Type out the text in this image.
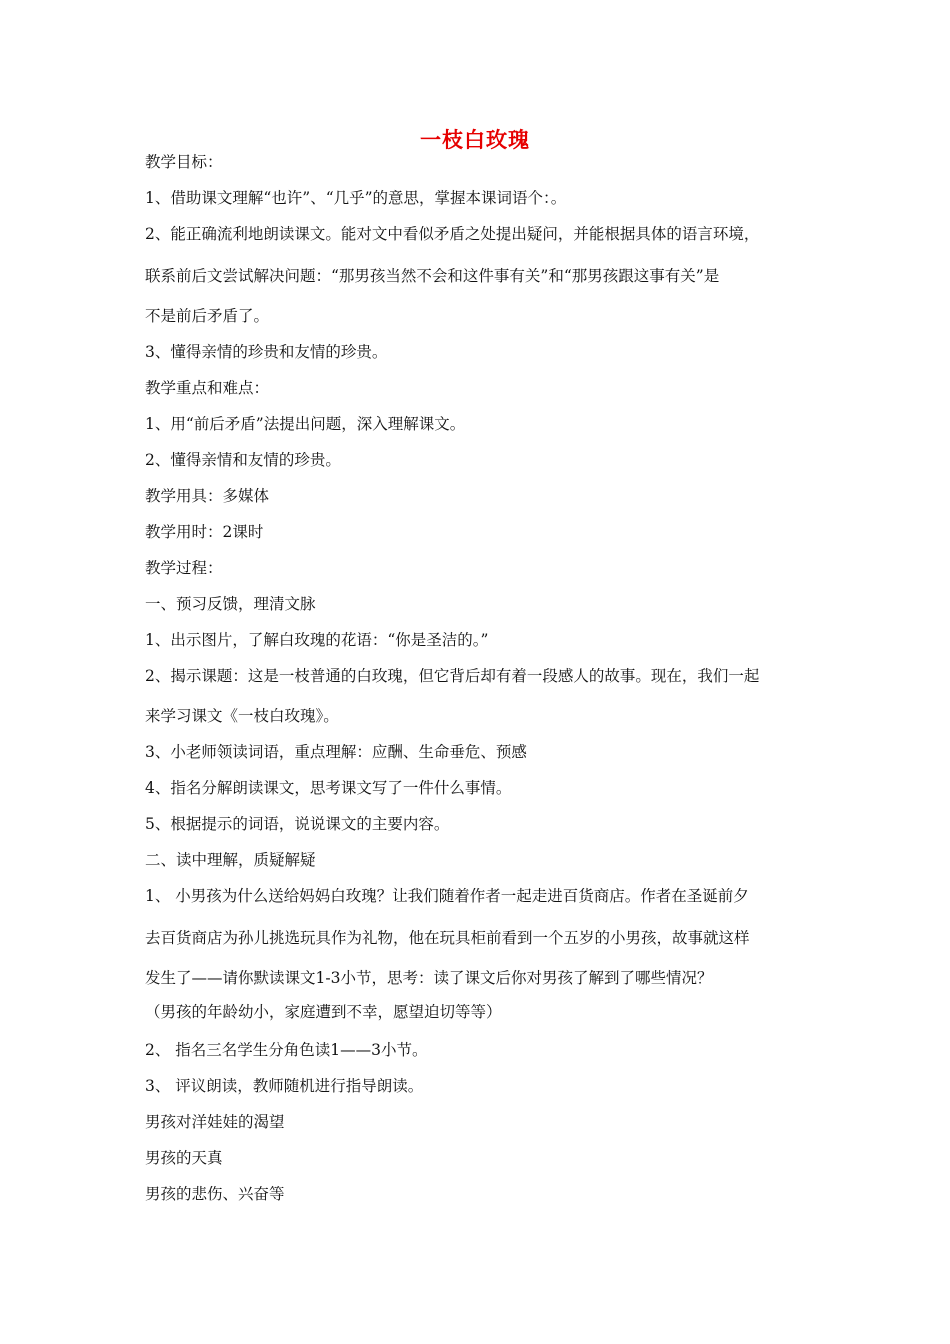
一枝白玫瑰
教学目标：
1、借助课文理解“也许”、“几乎”的意思，掌握本课词语个：。
2、能正确流利地朗读课文。能对文中看似矛盾之处提出疑问，并能根据具体的语言环境，
联系前后文尝试解决问题：“那男孩当然不会和这件事有关”和“那男孩跟这事有关”是
不是前后矛盾了。
3、懂得亲情的珍贵和友情的珍贵。
教学重点和难点：
1、用“前后矛盾”法提出问题，深入理解课文。
2、懂得亲情和友情的珍贵。
教学用具：多媒体
教学用时：2课时
教学过程：
一、预习反馈，理清文脉
1、出示图片，了解白玫瑰的花语：“你是圣洁的。”
2、揭示课题：这是一枝普通的白玫瑰，但它背后却有着一段感人的故事。现在，我们一起
来学习课文《一枝白玫瑰》。
3、小老师领读词语，重点理解：应酬、生命垂危、预感
4、指名分解朗读课文，思考课文写了一件什么事情。
5、根据提示的词语，说说课文的主要内容。
二、读中理解，质疑解疑
1、 小男孩为什么送给妈妈白玫瑰？让我们随着作者一起走进百货商店。作者在圣诞前夕
去百货商店为孙儿挑选玩具作为礼物，他在玩具柜前看到一个五岁的小男孩，故事就这样
发生了——请你默读课文1-3小节，思考：读了课文后你对男孩了解到了哪些情况？
（男孩的年龄幼小，家庭遭到不幸，愿望迫切等等）
2、 指名三名学生分角色读1——3小节。
3、 评议朗读，教师随机进行指导朗读。
男孩对洋娃娃的渴望
男孩的天真
男孩的悲伤、兴奋等
